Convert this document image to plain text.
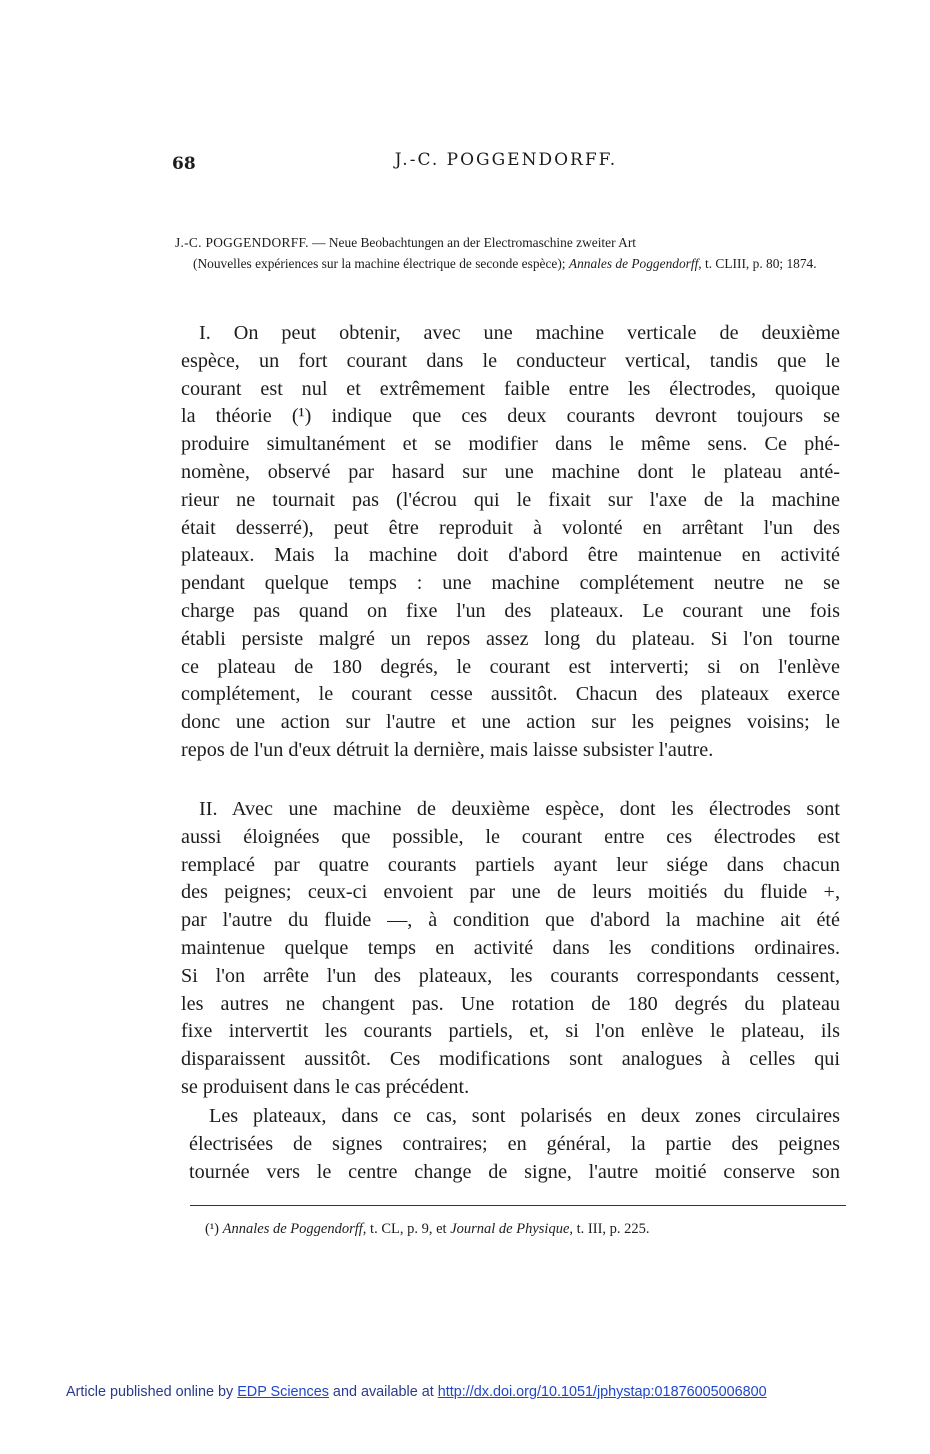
68	J.-C. POGGENDORFF.
J.-C. POGGENDORFF. — Neue Beobachtungen an der Electromaschine zweiter Art
(Nouvelles expériences sur la machine électrique de seconde espèce); Annales de Poggendorff, t. CLIII, p. 80; 1874.
I. On peut obtenir, avec une machine verticale de deuxième
espèce, un fort courant dans le conducteur vertical, tandis que le
courant est nul et extrêmement faible entre les électrodes, quoique
la théorie (¹) indique que ces deux courants devront toujours se
produire simultanément et se modifier dans le même sens. Ce phé-
nomène, observé par hasard sur une machine dont le plateau anté-
rieur ne tournait pas (l'écrou qui le fixait sur l'axe de la machine
était desserré), peut être reproduit à volonté en arrêtant l'un des
plateaux. Mais la machine doit d'abord être maintenue en activité
pendant quelque temps : une machine complétement neutre ne se
charge pas quand on fixe l'un des plateaux. Le courant une fois
établi persiste malgré un repos assez long du plateau. Si l'on tourne
ce plateau de 180 degrés, le courant est interverti; si on l'enlève
complétement, le courant cesse aussitôt. Chacun des plateaux exerce
donc une action sur l'autre et une action sur les peignes voisins; le
repos de l'un d'eux détruit la dernière, mais laisse subsister l'autre.
II. Avec une machine de deuxième espèce, dont les électrodes sont
aussi éloignées que possible, le courant entre ces électrodes est
remplacé par quatre courants partiels ayant leur siége dans chacun
des peignes; ceux-ci envoient par une de leurs moitiés du fluide +,
par l'autre du fluide —, à condition que d'abord la machine ait été
maintenue quelque temps en activité dans les conditions ordinaires.
Si l'on arrête l'un des plateaux, les courants correspondants cessent,
les autres ne changent pas. Une rotation de 180 degrés du plateau
fixe intervertit les courants partiels, et, si l'on enlève le plateau, ils
disparaissent aussitôt. Ces modifications sont analogues à celles qui
se produisent dans le cas précédent.
Les plateaux, dans ce cas, sont polarisés en deux zones circulaires
électrisées de signes contraires; en général, la partie des peignes
tournée vers le centre change de signe, l'autre moitié conserve son
(¹) Annales de Poggendorff, t. CL, p. 9, et Journal de Physique, t. III, p. 225.
Article published online by EDP Sciences and available at http://dx.doi.org/10.1051/jphystap:01876005006800
